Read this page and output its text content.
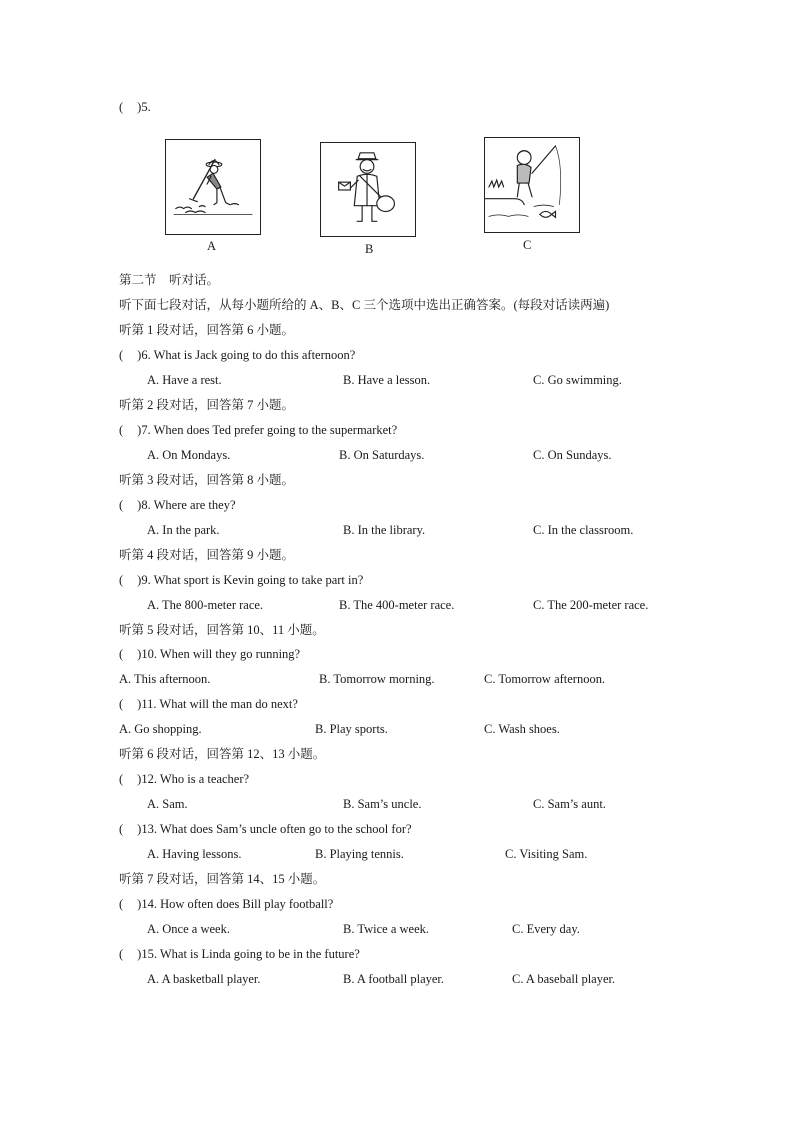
( )5.
A	B	C
第二节　听对话。
听下面七段对话，从每小题所给的 A、B、C 三个选项中选出正确答案。(每段对话读两遍)
听第 1 段对话，回答第 6 小题。
( )6. What is Jack going to do this afternoon?
A. Have a rest.	B. Have a lesson.	C. Go swimming.
听第 2 段对话，回答第 7 小题。
( )7. When does Ted prefer going to the supermarket?
A. On Mondays.	B. On Saturdays.	C. On Sundays.
听第 3 段对话，回答第 8 小题。
( )8. Where are they?
A. In the park.	B. In the library.	C. In the classroom.
听第 4 段对话，回答第 9 小题。
( )9. What sport is Kevin going to take part in?
A. The 800-meter race.	B. The 400-meter race.	C. The 200-meter race.
听第 5 段对话，回答第 10、11 小题。
( )10. When will they go running?
A. This afternoon.	B. Tomorrow morning.	C. Tomorrow afternoon.
( )11. What will the man do next?
A. Go shopping.	B. Play sports.	C. Wash shoes.
听第 6 段对话，回答第 12、13 小题。
( )12. Who is a teacher?
A. Sam.	B. Sam’s uncle.	C. Sam’s aunt.
( )13. What does Sam’s uncle often go to the school for?
A. Having lessons.	B. Playing tennis.	C. Visiting Sam.
听第 7 段对话，回答第 14、15 小题。
( )14. How often does Bill play football?
A. Once a week.	B. Twice a week.	C. Every day.
( )15. What is Linda going to be in the future?
A. A basketball player.	B. A football player.	C. A baseball player.
